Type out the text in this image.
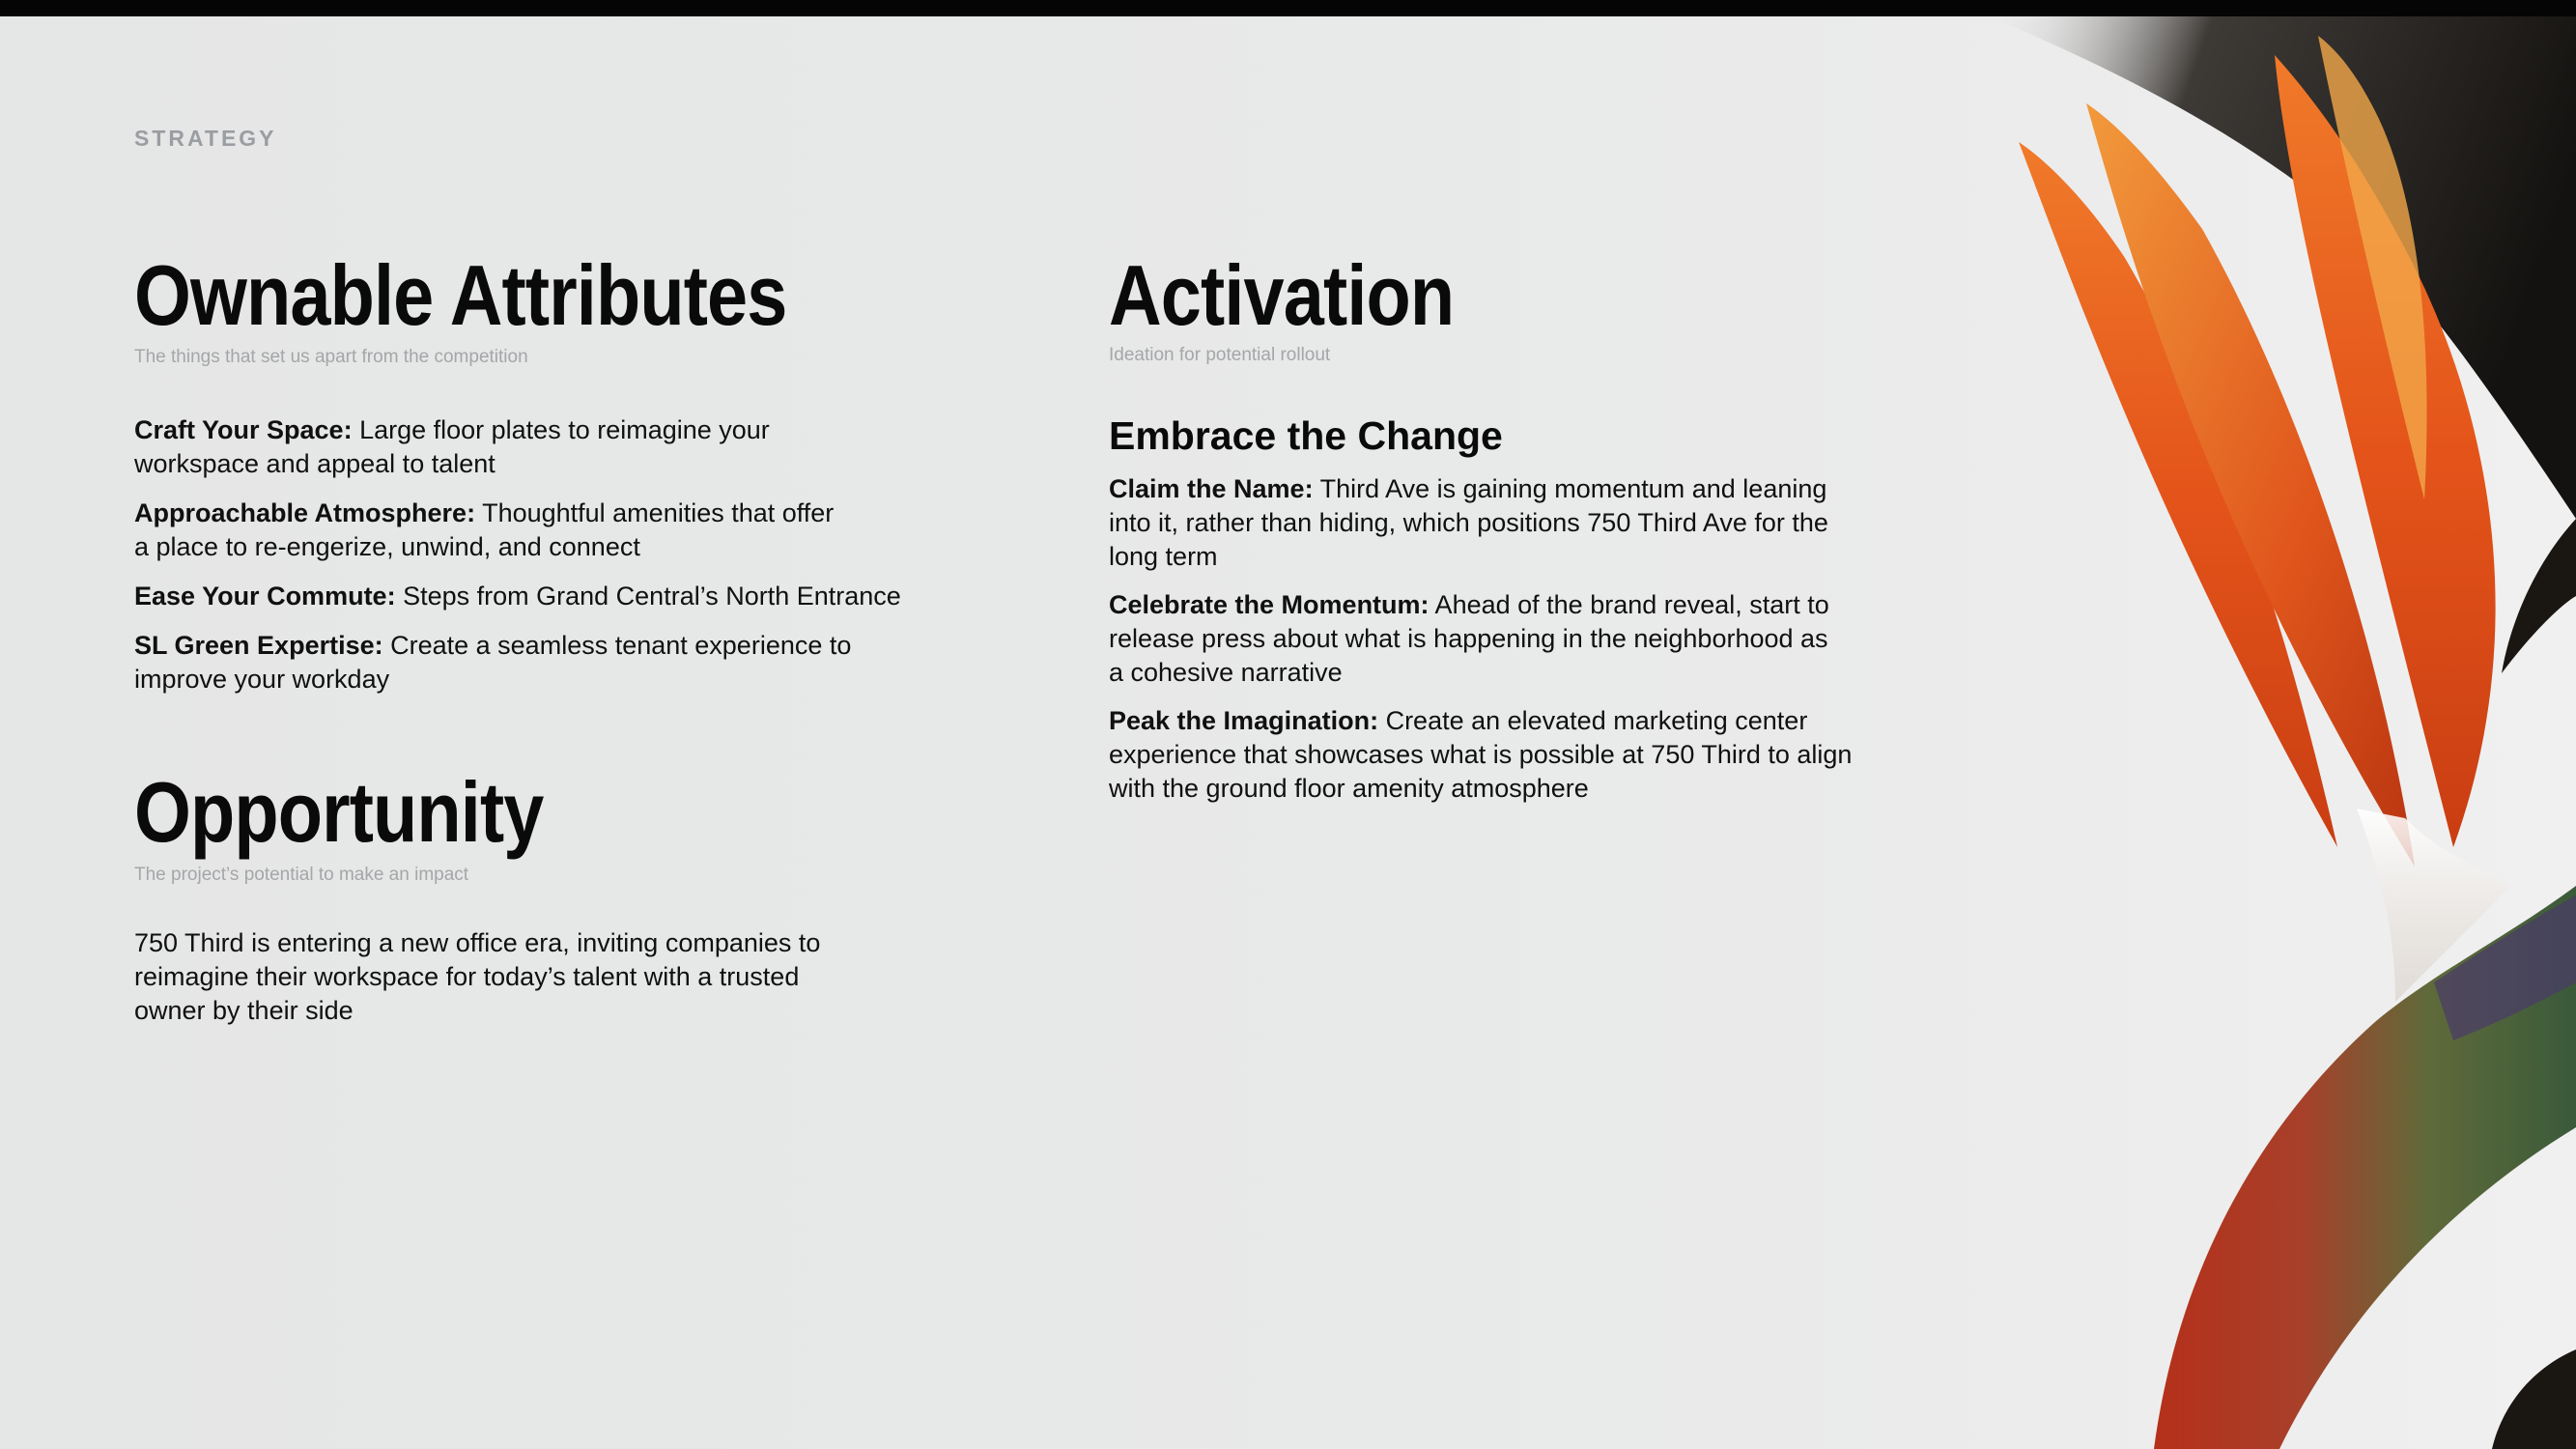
STRATEGY
Ownable Attributes
The things that set us apart from the competition

Craft Your Space: Large floor plates to reimagine your workspace and appeal to talent

Approachable Atmosphere: Thoughtful amenities that offer a place to re-engerize, unwind, and connect

Ease Your Commute: Steps from Grand Central’s North Entrance

SL Green Expertise: Create a seamless tenant experience to improve your workday

Opportunity
The project’s potential to make an impact

750 Third is entering a new office era, inviting companies to reimagine their workspace for today’s talent with a trusted owner by their side

Activation
Ideation for potential rollout
Embrace the Change

Claim the Name: Third Ave is gaining momentum and leaning into it, rather than hiding, which positions 750 Third Ave for the long term

Celebrate the Momentum: Ahead of the brand reveal, start to release press about what is happening in the neighborhood as a cohesive narrative

Peak the Imagination: Create an elevated marketing center experience that showcases what is possible at 750 Third to align with the ground floor amenity atmosphere
